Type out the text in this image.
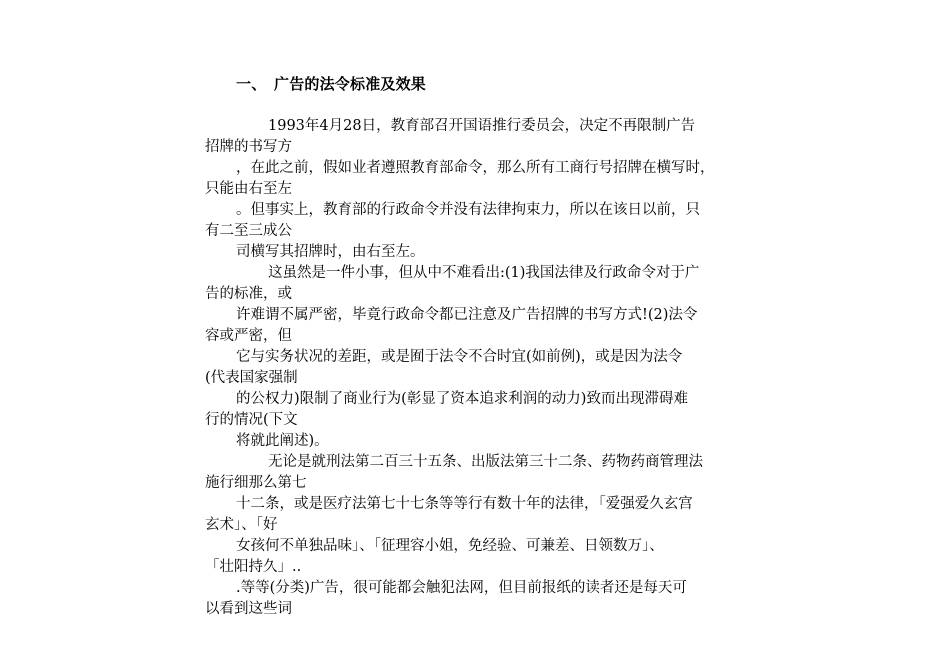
一、 广告的法令标准及效果
1993年4月28日，教育部召开国语推行委员会，决定不再限制广告
招牌的书写方
，在此之前，假如业者遵照教育部命令，那么所有工商行号招牌在横写时，
只能由右至左
。但事实上，教育部的行政命令并没有法律拘束力，所以在该日以前，只
有二至三成公
司横写其招牌时，由右至左。
这虽然是一件小事，但从中不难看出:(1)我国法律及行政命令对于广
告的标准，或
许难谓不属严密，毕竟行政命令都已注意及广告招牌的书写方式!(2)法令
容或严密，但
它与实务状况的差距，或是囿于法令不合时宜(如前例)，或是因为法令
(代表国家强制
的公权力)限制了商业行为(彰显了资本追求利润的动力)致而出现滞碍难
行的情况(下文
将就此阐述)。
无论是就刑法第二百三十五条、出版法第三十二条、药物药商管理法
施行细那么第七
十二条，或是医疗法第七十七条等等行有数十年的法律，「爱强爱久玄宫
玄术」、「好
女孩何不单独品味」、「征理容小姐，免经验、可兼差、日领数万」、
「壮阳持久」..
.等等(分类)广告，很可能都会触犯法网，但目前报纸的读者还是每天可
以看到这些词
